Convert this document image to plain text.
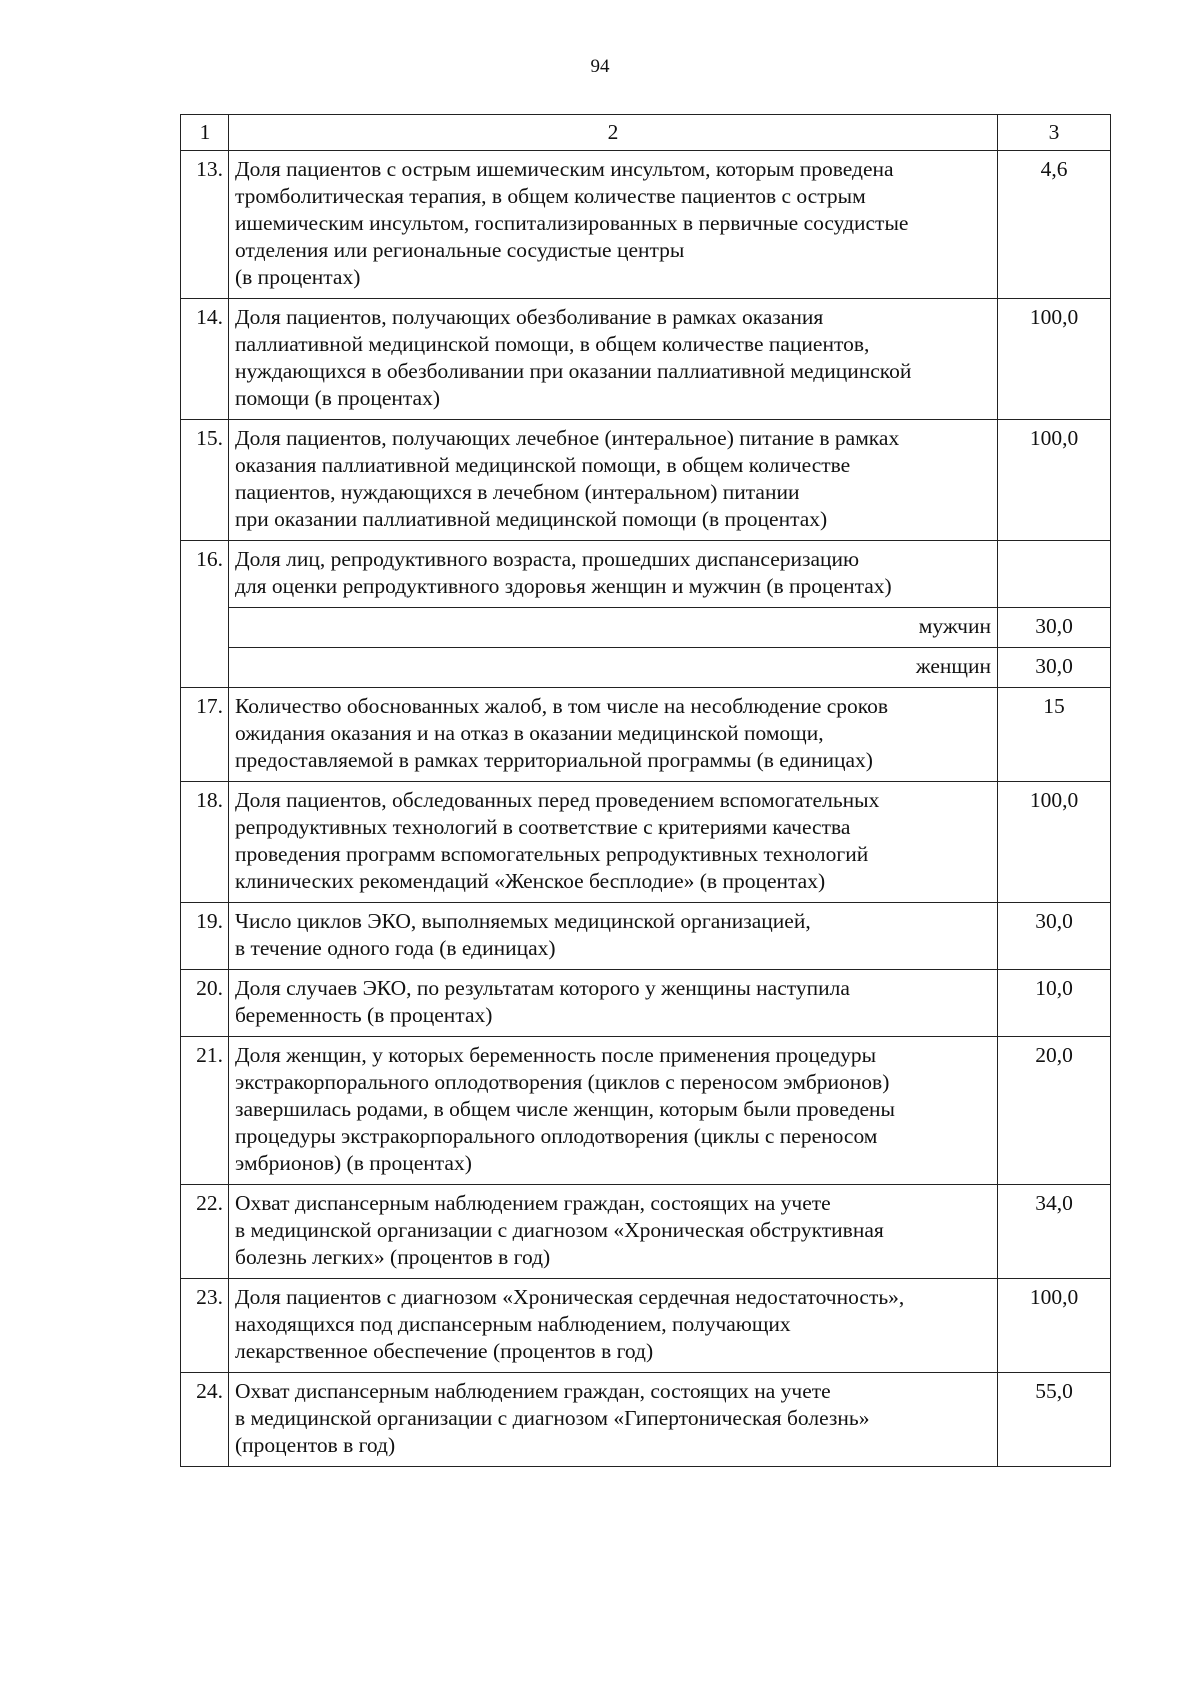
94
1	2	3
13.	Доля пациентов с острым ишемическим инсультом, которым проведена
тромболитическая терапия, в общем количестве пациентов с острым
ишемическим инсультом, госпитализированных в первичные сосудистые
отделения или региональные сосудистые центры
(в процентах)	4,6
14.	Доля пациентов, получающих обезболивание в рамках оказания
паллиативной медицинской помощи, в общем количестве пациентов,
нуждающихся в обезболивании при оказании паллиативной медицинской
помощи (в процентах)	100,0
15.	Доля пациентов, получающих лечебное (интеральное) питание в рамках
оказания паллиативной медицинской помощи, в общем количестве
пациентов, нуждающихся в лечебном (интеральном) питании
при оказании паллиативной медицинской помощи (в процентах)	100,0
16.	Доля лиц, репродуктивного возраста, прошедших диспансеризацию
для оценки репродуктивного здоровья женщин и мужчин (в процентах)	

	мужчин	30,0
	женщин	30,0
17.	Количество обоснованных жалоб, в том числе на несоблюдение сроков
ожидания оказания и на отказ в оказании медицинской помощи,
предоставляемой в рамках территориальной программы (в единицах)	15
18.	Доля пациентов, обследованных перед проведением вспомогательных
репродуктивных технологий в соответствие с критериями качества
проведения программ вспомогательных репродуктивных технологий
клинических рекомендаций «Женское бесплодие» (в процентах)	100,0
19.	Число циклов ЭКО, выполняемых медицинской организацией,
в течение одного года (в единицах)	30,0
20.	Доля случаев ЭКО, по результатам которого у женщины наступила
беременность (в процентах)	10,0
21.	Доля женщин, у которых беременность после применения процедуры
экстракорпорального оплодотворения (циклов с переносом эмбрионов)
завершилась родами, в общем числе женщин, которым были проведены
процедуры экстракорпорального оплодотворения (циклы с переносом
эмбрионов) (в процентах)	20,0
22.	Охват диспансерным наблюдением граждан, состоящих на учете
в медицинской организации с диагнозом «Хроническая обструктивная
болезнь легких» (процентов в год)	34,0
23.	Доля пациентов с диагнозом «Хроническая сердечная недостаточность»,
находящихся под диспансерным наблюдением, получающих
лекарственное обеспечение (процентов в год)	100,0
24.	Охват диспансерным наблюдением граждан, состоящих на учете
в медицинской организации с диагнозом «Гипертоническая болезнь»
(процентов в год)	55,0
